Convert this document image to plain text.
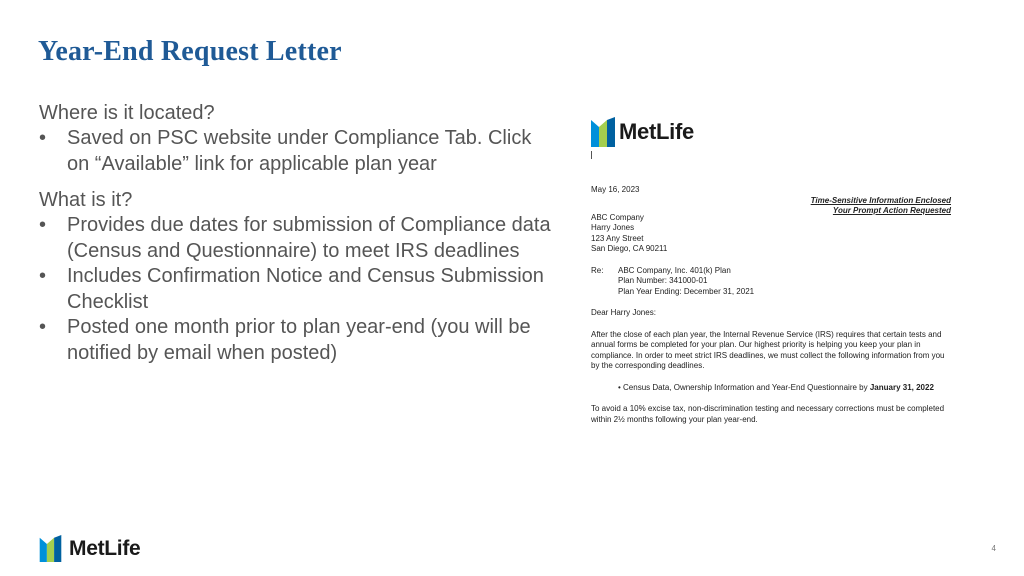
Year-End Request Letter
Where is it located?
• Saved on PSC website under Compliance Tab. Click on “Available” link for applicable plan year
What is it?
• Provides due dates for submission of Compliance data (Census and Questionnaire) to meet IRS deadlines
• Includes Confirmation Notice and Census Submission Checklist
• Posted one month prior to plan year-end (you will be notified by email when posted)
MetLife
May 16, 2023
Time-Sensitive Information Enclosed
Your Prompt Action Requested
ABC Company
Harry Jones
123 Any Street
San Diego, CA 90211
Re:	ABC Company, Inc. 401(k) Plan
Plan Number: 341000-01
Plan Year Ending: December 31, 2021
Dear Harry Jones:
After the close of each plan year, the Internal Revenue Service (IRS) requires that certain tests and annual forms be completed for your plan. Our highest priority is helping you keep your plan in compliance. In order to meet strict IRS deadlines, we must collect the following information from you by the corresponding deadlines.
• Census Data, Ownership Information and Year-End Questionnaire by January 31, 2022
To avoid a 10% excise tax, non-discrimination testing and necessary corrections must be completed within 2½ months following your plan year-end.
MetLife	4
